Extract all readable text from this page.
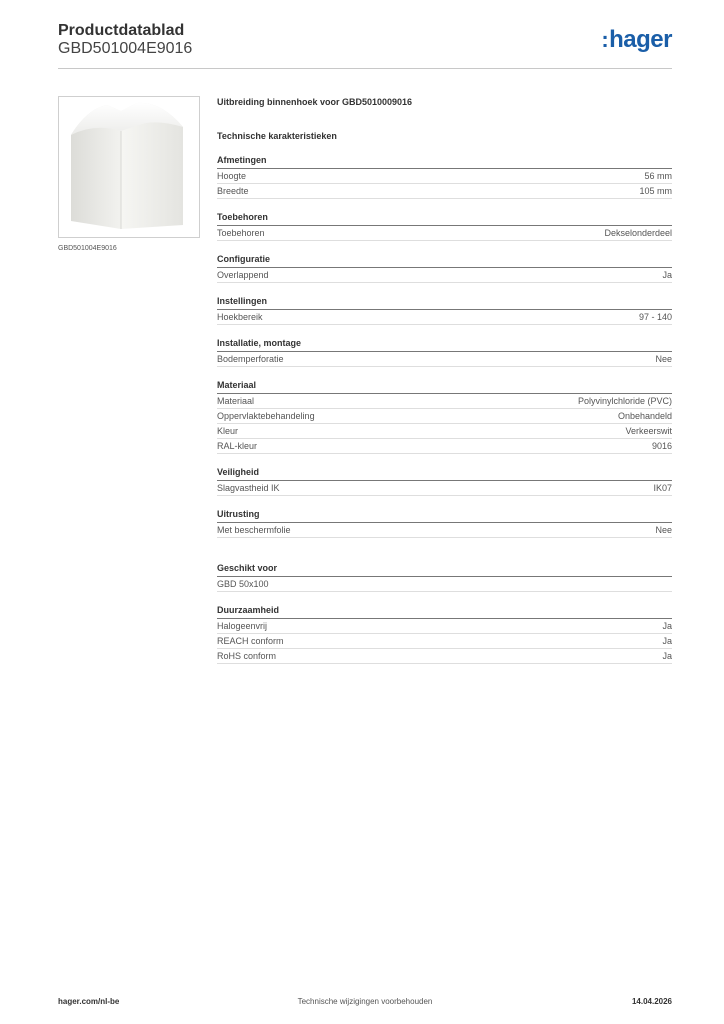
Productdatablad
GBD501004E9016	:hager
GBD501004E9016
Uitbreiding binnenhoek voor GBD5010009016
Technische karakteristieken
Afmetingen
Hoogte	56 mm
Breedte	105 mm
Toebehoren
Toebehoren	Dekselonderdeel
Configuratie
Overlappend	Ja
Instellingen
Hoekbereik	97 - 140
Installatie, montage
Bodemperforatie	Nee
Materiaal
Materiaal	Polyvinylchloride (PVC)
Oppervlaktebehandeling	Onbehandeld
Kleur	Verkeerswit
RAL-kleur	9016
Veiligheid
Slagvastheid IK	IK07
Uitrusting
Met beschermfolie	Nee
Geschikt voor
GBD 50x100
Duurzaamheid
Halogeenvrij	Ja
REACH conform	Ja
RoHS conform	Ja
hager.com/nl-be	Technische wijzigingen voorbehouden	14.04.2026
